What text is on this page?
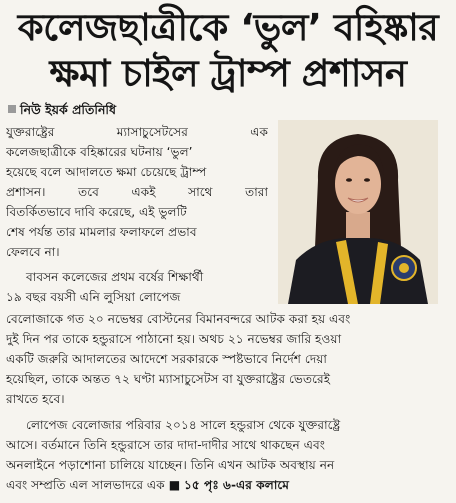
কলেজছাত্রীকে ‘ভুল’ বহিষ্কার
ক্ষমা চাইল ট্রাম্প প্রশাসন
নিউ ইয়র্ক প্রতিনিধি
যুক্তরাষ্ট্রের	ম্যাসাচুসেটসের	এক
কলেজছাত্রীকে বহিষ্কারের ঘটনায় ‘ভুল’
হয়েছে বলে আদালতে ক্ষমা চেয়েছে ট্রাম্প
প্রশাসন।	তবে	একই	সাথে	তারা
বিতর্কিতভাবে দাবি করেছে, এই ভুলটি
শেষ পর্যন্ত তার মামলার ফলাফলে প্রভাব
ফেলবে না।
বাবসন কলেজের প্রথম বর্ষের শিক্ষার্থী
১৯ বছর বয়সী এনি লুসিয়া লোপেজ
বেলোজাকে গত ২০ নভেম্বর বোস্টনের বিমানবন্দরে আটক করা হয় এবং
দুই দিন পর তাকে হন্ডুরাসে পাঠানো হয়। অথচ ২১ নভেম্বর জারি হওয়া
একটি জরুরি আদালতের আদেশে সরকারকে স্পষ্টভাবে নির্দেশ দেয়া
হয়েছিল, তাকে অন্তত ৭২ ঘণ্টা ম্যাসাচুসেটস বা যুক্তরাষ্ট্রের ভেতরেই
রাখতে হবে।
লোপেজ বেলোজার পরিবার ২০১৪ সালে হন্ডুরাস থেকে যুক্তরাষ্ট্রে
আসে। বর্তমানে তিনি হন্ডুরাসে তার দাদা-দাদীর সাথে থাকছেন এবং
অনলাইনে পড়াশোনা চালিয়ে যাচ্ছেন। তিনি এখন আটক অবস্থায় নন
এবং সম্প্রতি এল সালভাদরে এক ■ ১৫ পৃঃ ৬-এর কলামে
